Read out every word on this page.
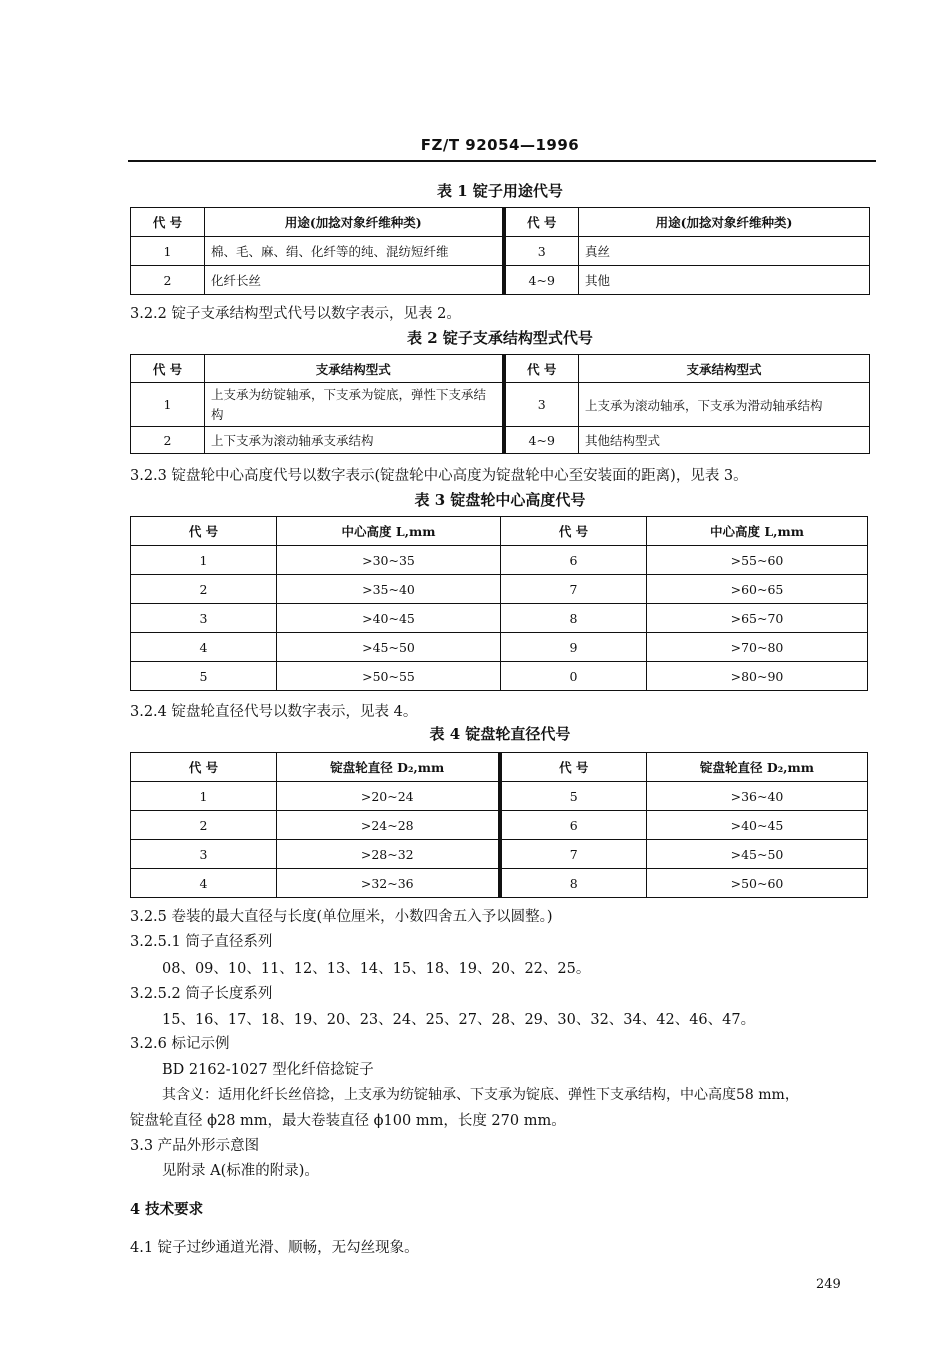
FZ/T 92054—1996
表 1 锭子用途代号
代 号	用途(加捻对象纤维种类)		代 号	用途(加捻对象纤维种类)
1	棉、毛、麻、绢、化纤等的纯、混纺短纤维		3	真丝
2	化纤长丝		4~9	其他
3.2.2 锭子支承结构型式代号以数字表示，见表 2。
表 2 锭子支承结构型式代号
代 号	支承结构型式		代 号	支承结构型式
1	上支承为纺锭轴承，下支承为锭底，弹性下支承结构		3	上支承为滚动轴承，下支承为滑动轴承结构
2	上下支承为滚动轴承支承结构		4~9	其他结构型式
3.2.3 锭盘轮中心高度代号以数字表示(锭盘轮中心高度为锭盘轮中心至安装面的距离)，见表 3。
表 3 锭盘轮中心高度代号
代 号	中心高度 L,mm	代 号	中心高度 L,mm
1	>30~35	6	>55~60
2	>35~40	7	>60~65
3	>40~45	8	>65~70
4	>45~50	9	>70~80
5	>50~55	0	>80~90
3.2.4 锭盘轮直径代号以数字表示，见表 4。
表 4 锭盘轮直径代号
代 号	锭盘轮直径 D₂,mm		代 号	锭盘轮直径 D₂,mm
1	>20~24		5	>36~40
2	>24~28		6	>40~45
3	>28~32		7	>45~50
4	>32~36		8	>50~60
3.2.5 卷装的最大直径与长度(单位厘米，小数四舍五入予以圆整。)
3.2.5.1 筒子直径系列
08、09、10、11、12、13、14、15、18、19、20、22、25。
3.2.5.2 筒子长度系列
15、16、17、18、19、20、23、24、25、27、28、29、30、32、34、42、46、47。
3.2.6 标记示例
BD 2162-1027 型化纤倍捻锭子
其含义：适用化纤长丝倍捻，上支承为纺锭轴承、下支承为锭底、弹性下支承结构，中心高度58 mm，
锭盘轮直径 ϕ28 mm，最大卷装直径 ϕ100 mm，长度 270 mm。
3.3 产品外形示意图
见附录 A(标准的附录)。
4 技术要求
4.1 锭子过纱通道光滑、顺畅，无勾丝现象。
249
